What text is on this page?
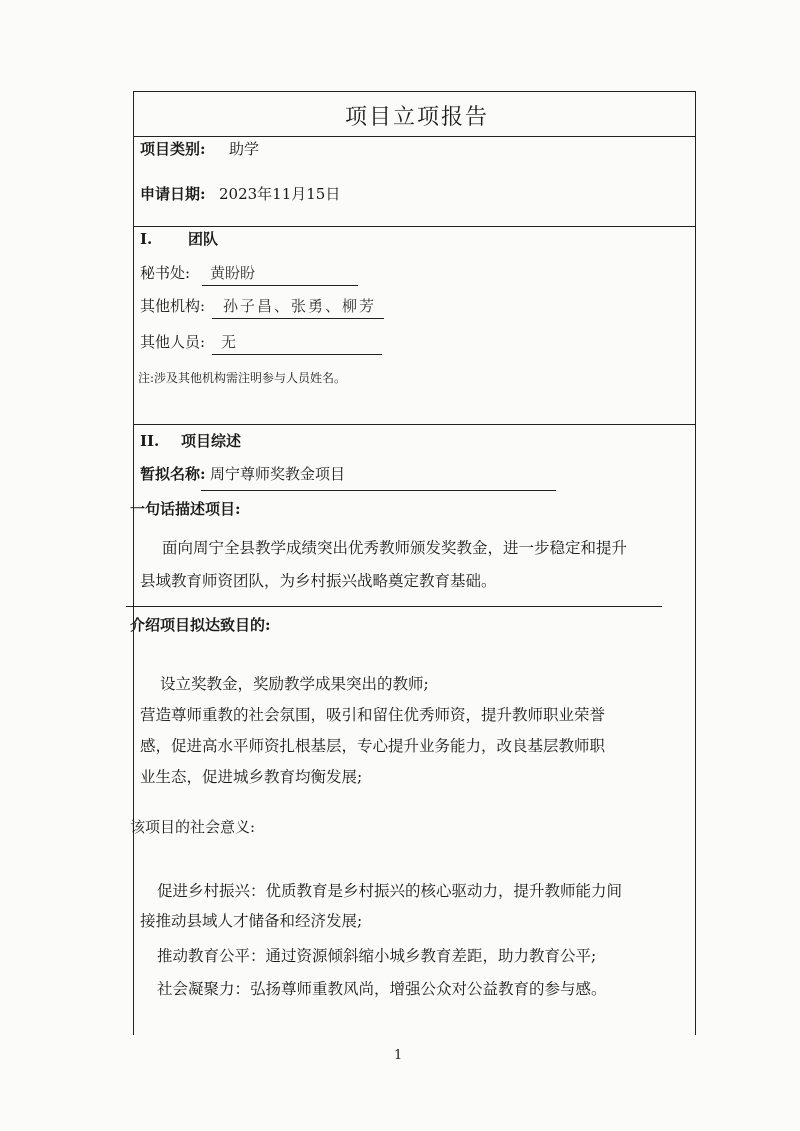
项目立项报告
项目类别: 助学
申请日期: 2023年11月15日
I. 团队
秘书处: 黄盼盼
其他机构: 孙子昌、张勇、柳芳
其他人员: 无
注:涉及其他机构需注明参与人员姓名。
II. 项目综述
暂拟名称: 周宁尊师奖教金项目
一句话描述项目:
面向周宁全县教学成绩突出优秀教师颁发奖教金，进一步稳定和提升
县域教育师资团队，为乡村振兴战略奠定教育基础。
介绍项目拟达致目的:
设立奖教金，奖励教学成果突出的教师;
营造尊师重教的社会氛围，吸引和留住优秀师资，提升教师职业荣誉
感，促进高水平师资扎根基层，专心提升业务能力，改良基层教师职
业生态，促进城乡教育均衡发展;
该项目的社会意义:
促进乡村振兴：优质教育是乡村振兴的核心驱动力，提升教师能力间
接推动县域人才储备和经济发展;
推动教育公平：通过资源倾斜缩小城乡教育差距，助力教育公平;
社会凝聚力：弘扬尊师重教风尚，增强公众对公益教育的参与感。
1
